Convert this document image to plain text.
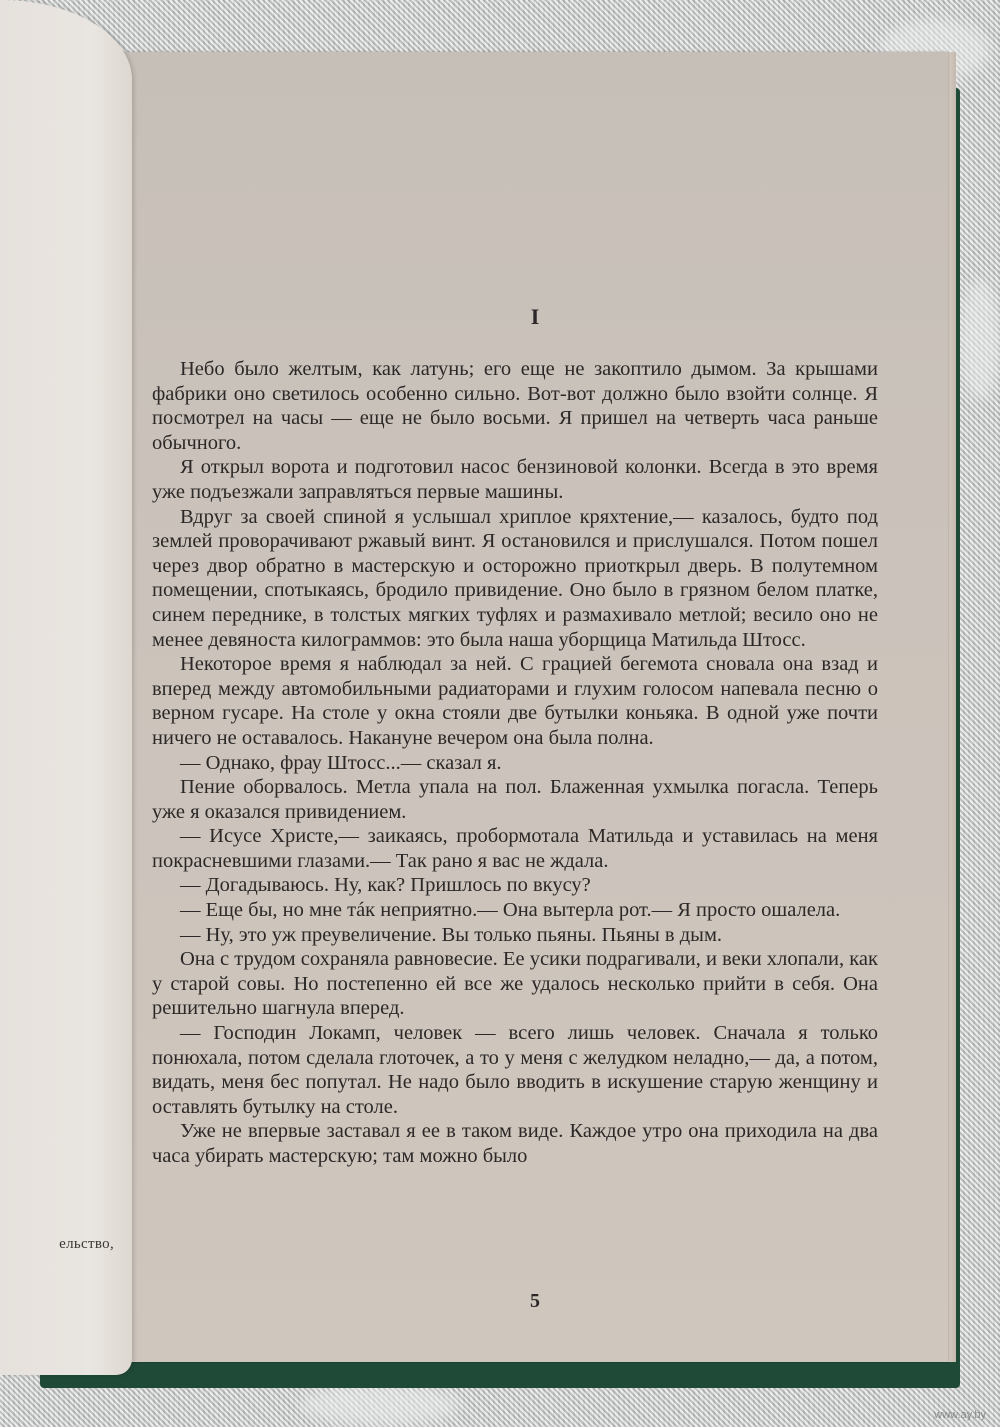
ельство,
I

Небо было желтым, как латунь; его еще не закоптило дымом. За крышами фабрики оно светилось особенно сильно. Вот-вот должно было взойти солнце. Я посмотрел на часы — еще не было восьми. Я пришел на четверть часа раньше обычного.

Я открыл ворота и подготовил насос бензиновой колонки. Всегда в это время уже подъезжали заправляться первые машины.

Вдруг за своей спиной я услышал хриплое кряхтение,— казалось, будто под землей проворачивают ржавый винт. Я остановился и прислушался. Потом пошел через двор обратно в мастерскую и осторожно приоткрыл дверь. В полутемном помещении, спотыкаясь, бродило привидение. Оно было в грязном белом платке, синем переднике, в толстых мягких туфлях и размахивало метлой; весило оно не менее девяноста килограммов: это была наша уборщица Матильда Штосс.

Некоторое время я наблюдал за ней. С грацией бегемота сновала она взад и вперед между автомобильными радиаторами и глухим голосом напевала песню о верном гусаре. На столе у окна стояли две бутылки коньяка. В одной уже почти ничего не оставалось. Накануне вечером она была полна.

— Однако, фрау Штосс...— сказал я.

Пение оборвалось. Метла упала на пол. Блаженная ухмылка погасла. Теперь уже я оказался привидением.

— Исусе Христе,— заикаясь, пробормотала Матильда и уставилась на меня покрасневшими глазами.— Так рано я вас не ждала.

— Догадываюсь. Ну, как? Пришлось по вкусу?

— Еще бы, но мне тáк неприятно.— Она вытерла рот.— Я просто ошалела.

— Ну, это уж преувеличение. Вы только пьяны. Пьяны в дым.

Она с трудом сохраняла равновесие. Ее усики подрагивали, и веки хлопали, как у старой совы. Но постепенно ей все же удалось несколько прийти в себя. Она решительно шагнула вперед.

— Господин Локамп, человек — всего лишь человек. Сначала я только понюхала, потом сделала глоточек, а то у меня с желудком неладно,— да, а потом, видать, меня бес попутал. Не надо было вводить в искушение старую женщину и оставлять бутылку на столе.

Уже не впервые заставал я ее в таком виде. Каждое утро она приходила на два часа убирать мастерскую; там можно было

5
www.ay.by
